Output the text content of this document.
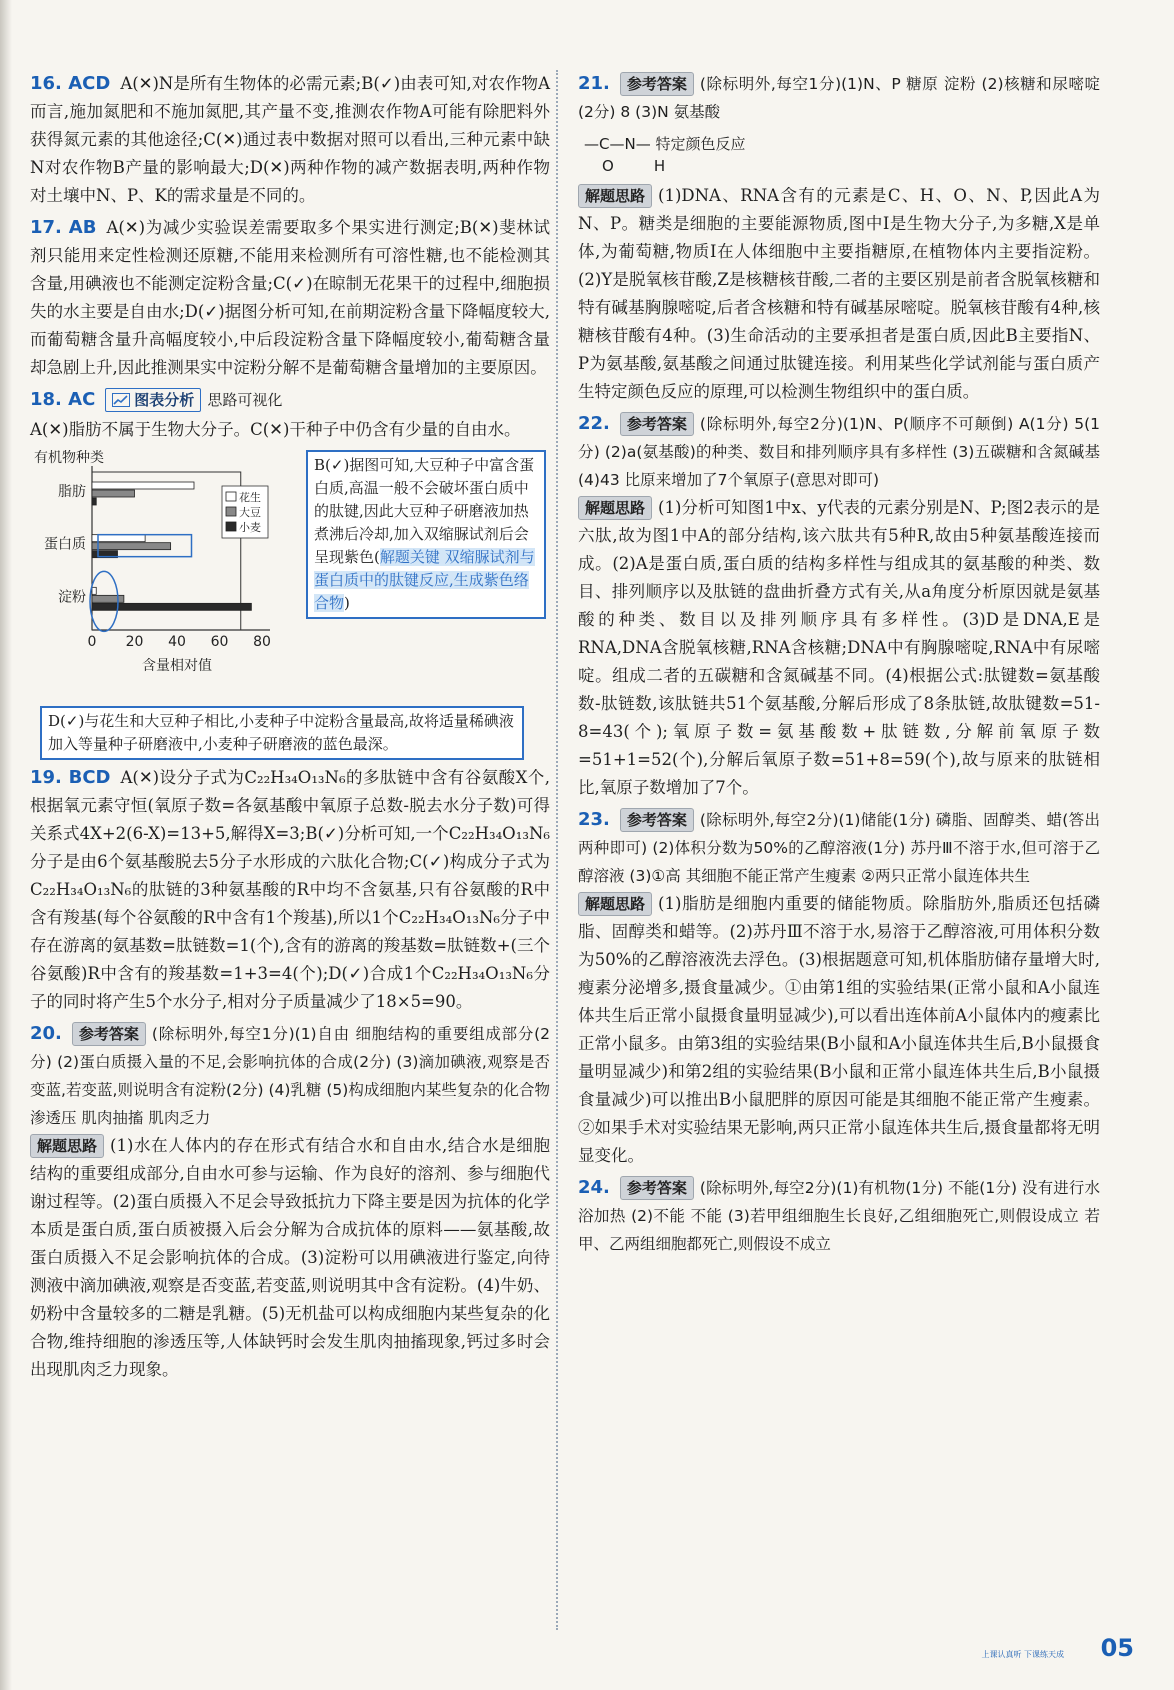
16. ACD A(✕)N是所有生物体的必需元素;B(✓)由表可知,对农作物A而言,施加氮肥和不施加氮肥,其产量不变,推测农作物A可能有除肥料外获得氮元素的其他途径;C(✕)通过表中数据对照可以看出,三种元素中缺N对农作物B产量的影响最大;D(✕)两种作物的减产数据表明,两种作物对土壤中N、P、K的需求量是不同的。

17. AB A(✕)为减少实验误差需要取多个果实进行测定;B(✕)斐林试剂只能用来定性检测还原糖,不能用来检测所有可溶性糖,也不能检测其含量,用碘液也不能测定淀粉含量;C(✓)在晾制无花果干的过程中,细胞损失的水主要是自由水;D(✓)据图分析可知,在前期淀粉含量下降幅度较大,而葡萄糖含量升高幅度较小,中后段淀粉含量下降幅度较小,葡萄糖含量却急剧上升,因此推测果实中淀粉分解不是葡萄糖含量增加的主要原因。

18. AC	图表分析 思路可视化

A(✕)脂肪不属于生物大分子。C(✕)干种子中仍含有少量的自由水。

有机物种类
0 20 40 60 80
含量相对值
脂肪
蛋白质
淀粉
花生
大豆
小麦
B(✓)据图可知,大豆种子中富含蛋白质,高温一般不会破坏蛋白质中的肽键,因此大豆种子研磨液加热煮沸后冷却,加入双缩脲试剂后会呈现紫色(解题关键 双缩脲试剂与蛋白质中的肽键反应,生成紫色络合物)
D(✓)与花生和大豆种子相比,小麦种子中淀粉含量最高,故将适量稀碘液加入等量种子研磨液中,小麦种子研磨液的蓝色最深。

19. BCD A(✕)设分子式为C₂₂H₃₄O₁₃N₆的多肽链中含有谷氨酸X个,根据氧元素守恒(氧原子数=各氨基酸中氧原子总数-脱去水分子数)可得关系式4X+2(6-X)=13+5,解得X=3;B(✓)分析可知,一个C₂₂H₃₄O₁₃N₆分子是由6个氨基酸脱去5分子水形成的六肽化合物;C(✓)构成分子式为C₂₂H₃₄O₁₃N₆的肽链的3种氨基酸的R中均不含氨基,只有谷氨酸的R中含有羧基(每个谷氨酸的R中含有1个羧基),所以1个C₂₂H₃₄O₁₃N₆分子中存在游离的氨基数=肽链数=1(个),含有的游离的羧基数=肽链数+(三个谷氨酸)R中含有的羧基数=1+3=4(个);D(✓)合成1个C₂₂H₃₄O₁₃N₆分子的同时将产生5个水分子,相对分子质量减少了18×5=90。

20. 参考答案 (除标明外,每空1分)(1)自由 细胞结构的重要组成部分(2分) (2)蛋白质摄入量的不足,会影响抗体的合成(2分) (3)滴加碘液,观察是否变蓝,若变蓝,则说明含有淀粉(2分) (4)乳糖 (5)构成细胞内某些复杂的化合物 渗透压 肌肉抽搐 肌肉乏力

解题思路 (1)水在人体内的存在形式有结合水和自由水,结合水是细胞结构的重要组成部分,自由水可参与运输、作为良好的溶剂、参与细胞代谢过程等。(2)蛋白质摄入不足会导致抵抗力下降主要是因为抗体的化学本质是蛋白质,蛋白质被摄入后会分解为合成抗体的原料——氨基酸,故蛋白质摄入不足会影响抗体的合成。(3)淀粉可以用碘液进行鉴定,向待测液中滴加碘液,观察是否变蓝,若变蓝,则说明其中含有淀粉。(4)牛奶、奶粉中含量较多的二糖是乳糖。(5)无机盐可以构成细胞内某些复杂的化合物,维持细胞的渗透压等,人体缺钙时会发生肌肉抽搐现象,钙过多时会出现肌肉乏力现象。

21. 参考答案 (除标明外,每空1分)(1)N、P 糖原 淀粉 (2)核糖和尿嘧啶(2分) 8 (3)N 氨基酸

—C—N— 特定颜色反应
O	H

解题思路 (1)DNA、RNA含有的元素是C、H、O、N、P,因此A为N、P。糖类是细胞的主要能源物质,图中Ⅰ是生物大分子,为多糖,X是单体,为葡萄糖,物质Ⅰ在人体细胞中主要指糖原,在植物体内主要指淀粉。(2)Y是脱氧核苷酸,Z是核糖核苷酸,二者的主要区别是前者含脱氧核糖和特有碱基胸腺嘧啶,后者含核糖和特有碱基尿嘧啶。脱氧核苷酸有4种,核糖核苷酸有4种。(3)生命活动的主要承担者是蛋白质,因此B主要指N、P为氨基酸,氨基酸之间通过肽键连接。利用某些化学试剂能与蛋白质产生特定颜色反应的原理,可以检测生物组织中的蛋白质。

22. 参考答案 (除标明外,每空2分)(1)N、P(顺序不可颠倒) A(1分) 5(1分) (2)a(氨基酸)的种类、数目和排列顺序具有多样性 (3)五碳糖和含氮碱基 (4)43 比原来增加了7个氧原子(意思对即可)

解题思路 (1)分析可知图1中x、y代表的元素分别是N、P;图2表示的是六肽,故为图1中A的部分结构,该六肽共有5种R,故由5种氨基酸连接而成。(2)A是蛋白质,蛋白质的结构多样性与组成其的氨基酸的种类、数目、排列顺序以及肽链的盘曲折叠方式有关,从a角度分析原因就是氨基酸的种类、数目以及排列顺序具有多样性。(3)D是DNA,E是RNA,DNA含脱氧核糖,RNA含核糖;DNA中有胸腺嘧啶,RNA中有尿嘧啶。组成二者的五碳糖和含氮碱基不同。(4)根据公式:肽键数=氨基酸数-肽链数,该肽链共51个氨基酸,分解后形成了8条肽链,故肽键数=51-8=43(个);氧原子数=氨基酸数+肽链数,分解前氧原子数=51+1=52(个),分解后氧原子数=51+8=59(个),故与原来的肽链相比,氧原子数增加了7个。

23. 参考答案 (除标明外,每空2分)(1)储能(1分) 磷脂、固醇类、蜡(答出两种即可) (2)体积分数为50%的乙醇溶液(1分) 苏丹Ⅲ不溶于水,但可溶于乙醇溶液 (3)①高 其细胞不能正常产生瘦素 ②两只正常小鼠连体共生

解题思路 (1)脂肪是细胞内重要的储能物质。除脂肪外,脂质还包括磷脂、固醇类和蜡等。(2)苏丹Ⅲ不溶于水,易溶于乙醇溶液,可用体积分数为50%的乙醇溶液洗去浮色。(3)根据题意可知,机体脂肪储存量增大时,瘦素分泌增多,摄食量减少。①由第1组的实验结果(正常小鼠和A小鼠连体共生后正常小鼠摄食量明显减少),可以看出连体前A小鼠体内的瘦素比正常小鼠多。由第3组的实验结果(B小鼠和A小鼠连体共生后,B小鼠摄食量明显减少)和第2组的实验结果(B小鼠和正常小鼠连体共生后,B小鼠摄食量减少)可以推出B小鼠肥胖的原因可能是其细胞不能正常产生瘦素。②如果手术对实验结果无影响,两只正常小鼠连体共生后,摄食量都将无明显变化。

24. 参考答案 (除标明外,每空2分)(1)有机物(1分) 不能(1分) 没有进行水浴加热 (2)不能 不能 (3)若甲组细胞生长良好,乙组细胞死亡,则假设成立 若甲、乙两组细胞都死亡,则假设不成立

上课认真听 下课练天成 05
